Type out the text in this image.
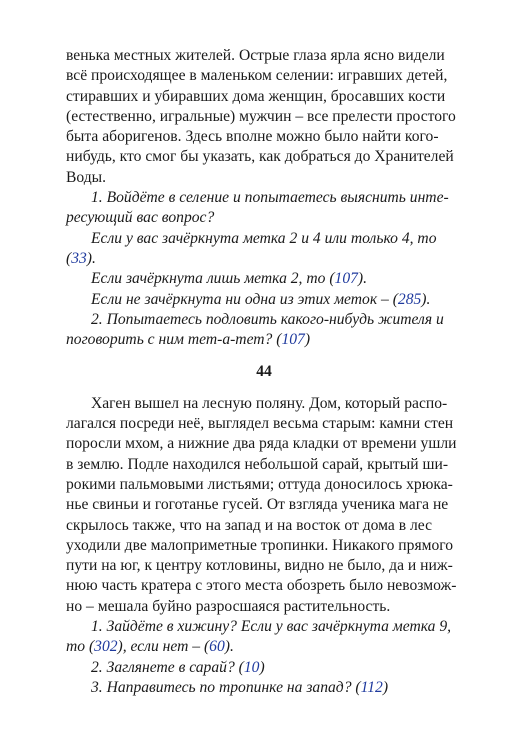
венька местных жителей. Острые глаза ярла ясно видели
всё происходящее в маленьком селении: игравших детей,
стиравших и убиравших дома женщин, бросавших кости
(естественно, игральные) мужчин – все прелести простого
быта аборигенов. Здесь вполне можно было найти кого-
нибудь, кто смог бы указать, как добраться до Хранителей
Воды.

1. Войдёте в селение и попытаетесь выяснить инте-
ресующий вас вопрос?

Если у вас зачёркнута метка 2 и 4 или только 4, то
(33).

Если зачёркнута лишь метка 2, то (107).

Если не зачёркнута ни одна из этих меток – (285).

2. Попытаетесь подловить какого-нибудь жителя и
поговорить с ним тет-а-тет? (107)

44

Хаген вышел на лесную поляну. Дом, который распо-
лагался посреди неё, выглядел весьма старым: камни стен
поросли мхом, а нижние два ряда кладки от времени ушли
в землю. Подле находился небольшой сарай, крытый ши-
рокими пальмовыми листьями; оттуда доносилось хрюка-
нье свиньи и гоготанье гусей. От взгляда ученика мага не
скрылось также, что на запад и на восток от дома в лес
уходили две малоприметные тропинки. Никакого прямого
пути на юг, к центру котловины, видно не было, да и ниж-
нюю часть кратера с этого места обозреть было невозмож-
но – мешала буйно разросшаяся растительность.

1. Зайдёте в хижину? Если у вас зачёркнута метка 9,
то (302), если нет – (60).

2. Заглянете в сарай? (10)

3. Направитесь по тропинке на запад? (112)
